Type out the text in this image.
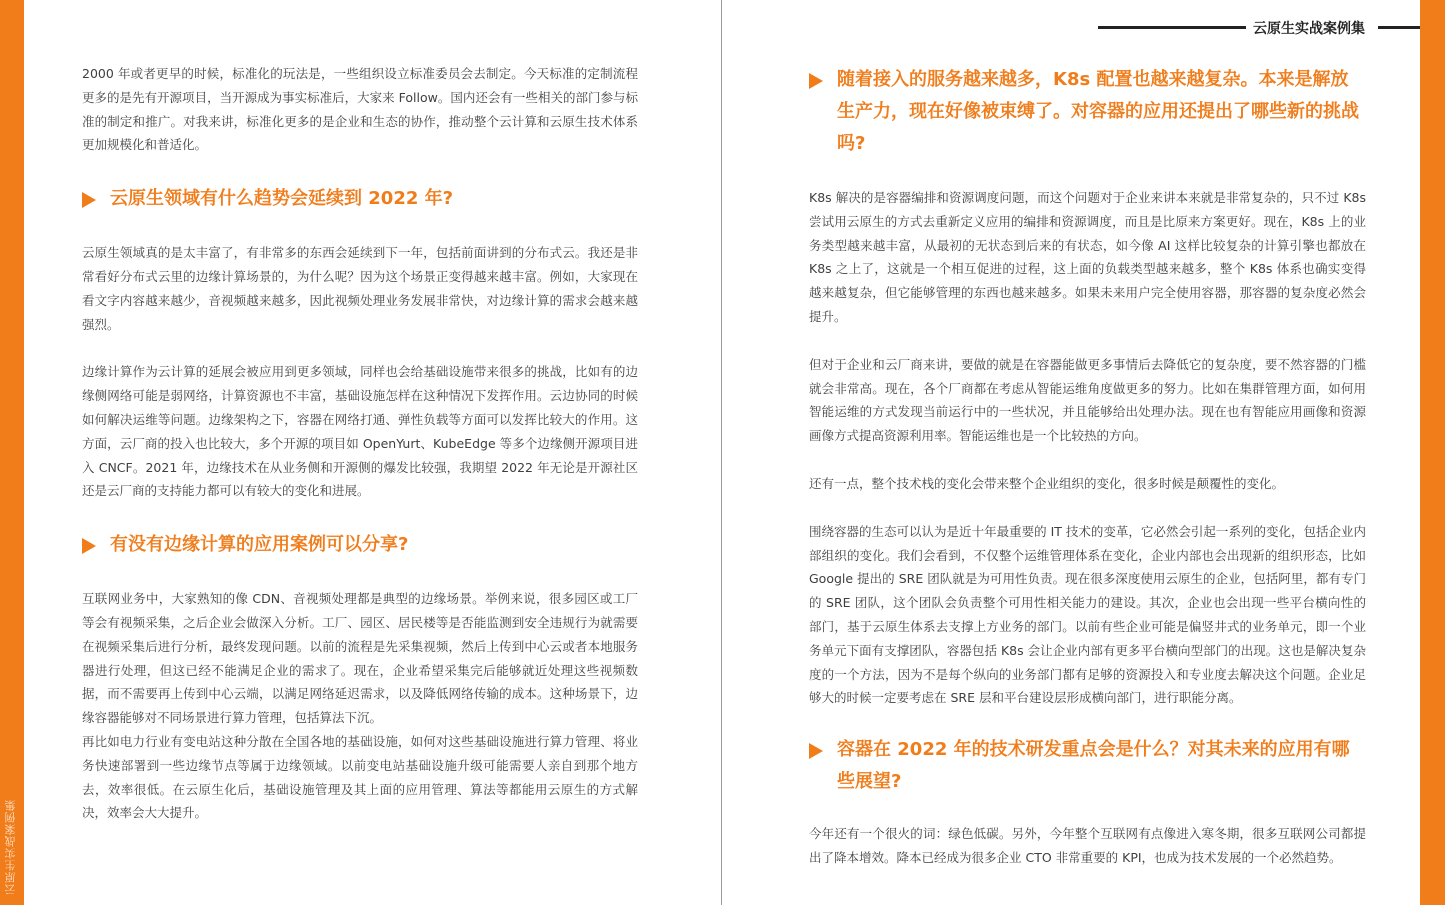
云原生实战案例集
云原生实战案例集

2000 年或者更早的时候，标准化的玩法是，一些组织设立标准委员会去制定。今天标准的定制流程更多的是先有开源项目，当开源成为事实标准后，大家来 Follow。国内还会有一些相关的部门参与标准的制定和推广。对我来讲，标准化更多的是企业和生态的协作，推动整个云计算和云原生技术体系更加规模化和普适化。

云原生领域有什么趋势会延续到 2022 年?

云原生领域真的是太丰富了，有非常多的东西会延续到下一年，包括前面讲到的分布式云。我还是非常看好分布式云里的边缘计算场景的，为什么呢？因为这个场景正变得越来越丰富。例如，大家现在看文字内容越来越少，音视频越来越多，因此视频处理业务发展非常快，对边缘计算的需求会越来越强烈。

边缘计算作为云计算的延展会被应用到更多领域，同样也会给基础设施带来很多的挑战，比如有的边缘侧网络可能是弱网络，计算资源也不丰富，基础设施怎样在这种情况下发挥作用。云边协同的时候如何解决运维等问题。边缘架构之下，容器在网络打通、弹性负载等方面可以发挥比较大的作用。这方面，云厂商的投入也比较大，多个开源的项目如 OpenYurt、KubeEdge 等多个边缘侧开源项目进入 CNCF。2021 年，边缘技术在从业务侧和开源侧的爆发比较强，我期望 2022 年无论是开源社区还是云厂商的支持能力都可以有较大的变化和进展。

有没有边缘计算的应用案例可以分享?

互联网业务中，大家熟知的像 CDN、音视频处理都是典型的边缘场景。举例来说，很多园区或工厂等会有视频采集，之后企业会做深入分析。工厂、园区、居民楼等是否能监测到安全违规行为就需要在视频采集后进行分析，最终发现问题。以前的流程是先采集视频，然后上传到中心云或者本地服务器进行处理，但这已经不能满足企业的需求了。现在，企业希望采集完后能够就近处理这些视频数据，而不需要再上传到中心云端，以满足网络延迟需求，以及降低网络传输的成本。这种场景下，边缘容器能够对不同场景进行算力管理，包括算法下沉。

再比如电力行业有变电站这种分散在全国各地的基础设施，如何对这些基础设施进行算力管理、将业务快速部署到一些边缘节点等属于边缘领域。以前变电站基础设施升级可能需要人亲自到那个地方去，效率很低。在云原生化后，基础设施管理及其上面的应用管理、算法等都能用云原生的方式解决，效率会大大提升。

随着接入的服务越来越多，K8s 配置也越来越复杂。本来是解放生产力，现在好像被束缚了。对容器的应用还提出了哪些新的挑战吗?

K8s 解决的是容器编排和资源调度问题，而这个问题对于企业来讲本来就是非常复杂的，只不过 K8s 尝试用云原生的方式去重新定义应用的编排和资源调度，而且是比原来方案更好。现在，K8s 上的业务类型越来越丰富，从最初的无状态到后来的有状态，如今像 AI 这样比较复杂的计算引擎也都放在 K8s 之上了，这就是一个相互促进的过程，这上面的负载类型越来越多，整个 K8s 体系也确实变得越来越复杂，但它能够管理的东西也越来越多。如果未来用户完全使用容器，那容器的复杂度必然会提升。

但对于企业和云厂商来讲，要做的就是在容器能做更多事情后去降低它的复杂度，要不然容器的门槛就会非常高。现在，各个厂商都在考虑从智能运维角度做更多的努力。比如在集群管理方面，如何用智能运维的方式发现当前运行中的一些状况，并且能够给出处理办法。现在也有智能应用画像和资源画像方式提高资源利用率。智能运维也是一个比较热的方向。

还有一点，整个技术栈的变化会带来整个企业组织的变化，很多时候是颠覆性的变化。

围绕容器的生态可以认为是近十年最重要的 IT 技术的变革，它必然会引起一系列的变化，包括企业内部组织的变化。我们会看到，不仅整个运维管理体系在变化，企业内部也会出现新的组织形态，比如 Google 提出的 SRE 团队就是为可用性负责。现在很多深度使用云原生的企业，包括阿里，都有专门的 SRE 团队，这个团队会负责整个可用性相关能力的建设。其次，企业也会出现一些平台横向性的部门，基于云原生体系去支撑上方业务的部门。以前有些企业可能是偏竖井式的业务单元，即一个业务单元下面有支撑团队，容器包括 K8s 会让企业内部有更多平台横向型部门的出现。这也是解决复杂度的一个方法，因为不是每个纵向的业务部门都有足够的资源投入和专业度去解决这个问题。企业足够大的时候一定要考虑在 SRE 层和平台建设层形成横向部门，进行职能分离。

容器在 2022 年的技术研发重点会是什么？对其未来的应用有哪些展望?

今年还有一个很火的词：绿色低碳。另外，今年整个互联网有点像进入寒冬期，很多互联网公司都提出了降本增效。降本已经成为很多企业 CTO 非常重要的 KPI，也成为技术发展的一个必然趋势。
